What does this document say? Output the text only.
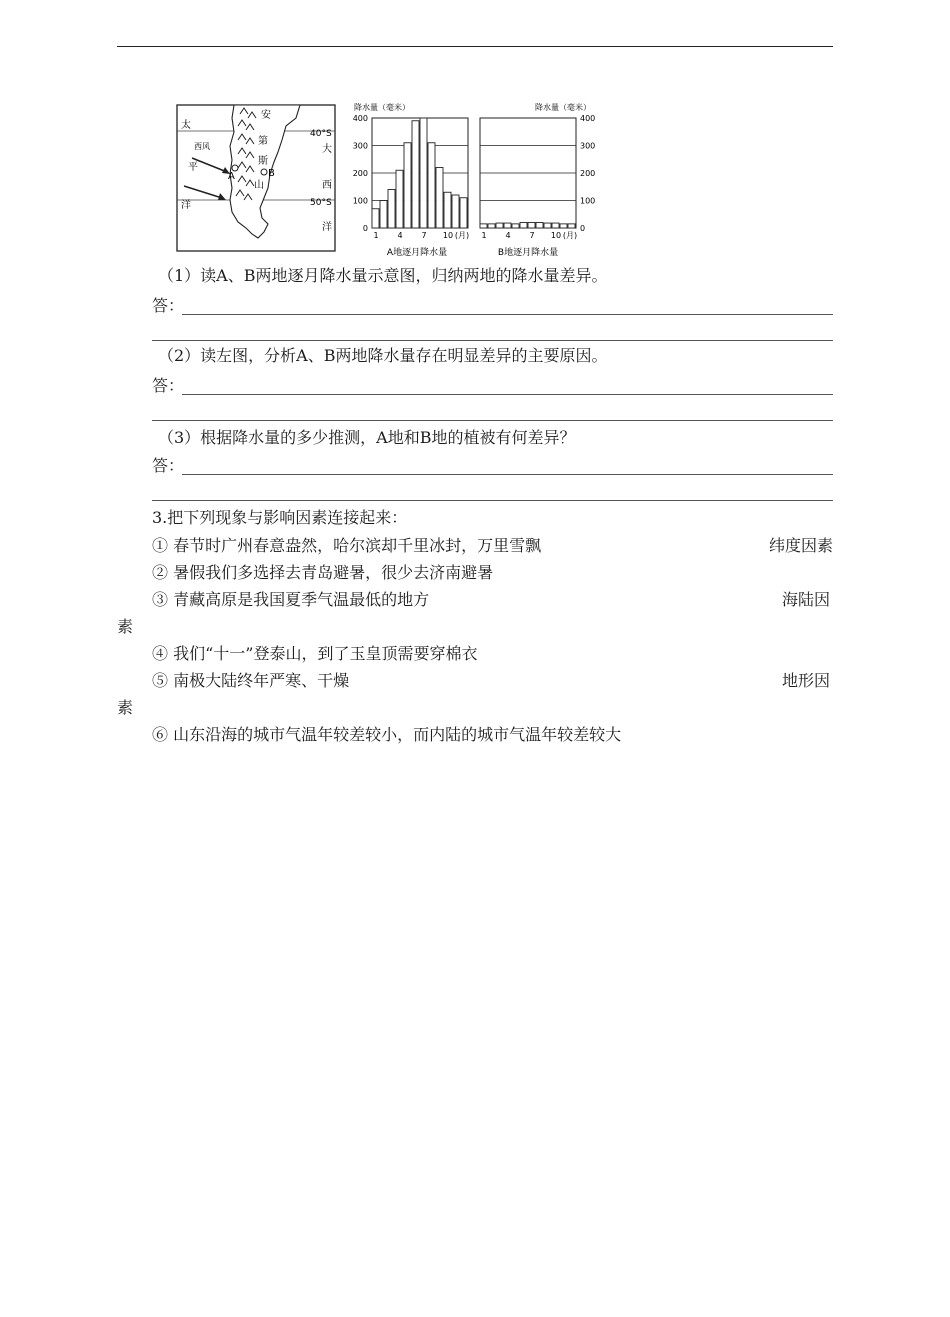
太
平
洋
西风
安
第
斯
山
大
西
洋
40°S
50°S
A	B
降水量（毫米）
A地逐月降水量
0
100
200
300
400
1 4 7 10 (月)
降水量（毫米）
B地逐月降水量
0
100
200
300
400
1 4 7 10 (月)
（1）读A、B两地逐月降水量示意图，归纳两地的降水量差异。
答：
（2）读左图，分析A、B两地降水量存在明显差异的主要原因。
答：
（3）根据降水量的多少推测，A地和B地的植被有何差异？
答：
3.把下列现象与影响因素连接起来：
① 春节时广州春意盎然，哈尔滨却千里冰封，万里雪飘	纬度因素
② 暑假我们多选择去青岛避暑，很少去济南避暑
③ 青藏高原是我国夏季气温最低的地方	海陆因
素
④ 我们“十一”登泰山，到了玉皇顶需要穿棉衣
⑤ 南极大陆终年严寒、干燥	地形因
素
⑥ 山东沿海的城市气温年较差较小，而内陆的城市气温年较差较大
